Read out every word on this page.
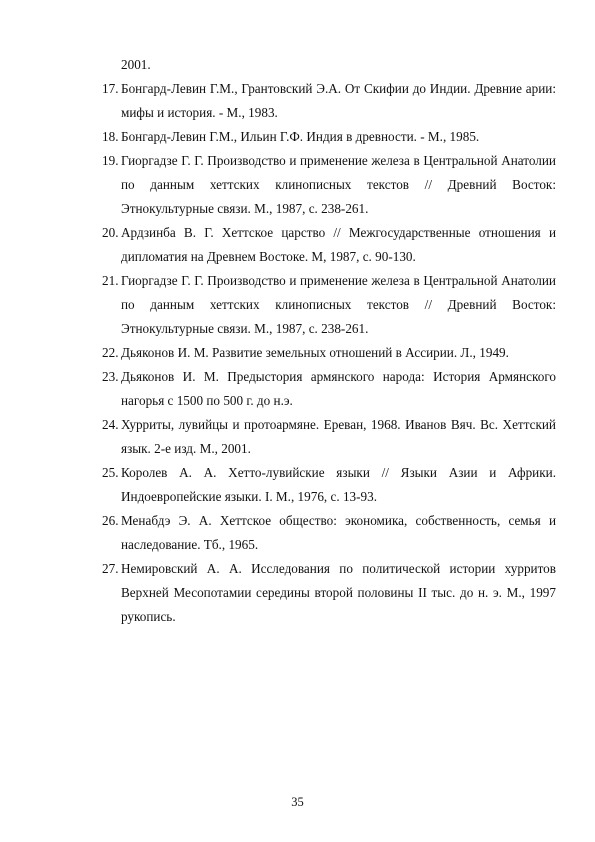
2001.
17. Бонгард-Левин Г.М., Грантовский Э.А. От Скифии до Индии. Древние арии: мифы и история. - М., 1983.
18. Бонгард-Левин Г.М., Ильин Г.Ф. Индия в древности. - М., 1985.
19. Гиоргадзе Г. Г. Производство и применение железа в Центральной Анатолии по данным хеттских клинописных текстов // Древний Восток: Этнокультурные связи. М., 1987, с. 238-261.
20. Ардзинба В. Г. Хеттское царство // Межгосударственные отношения и дипломатия на Древнем Востоке. М, 1987, с. 90-130.
21. Гиоргадзе Г. Г. Производство и применение железа в Центральной Анатолии по данным хеттских клинописных текстов // Древний Восток: Этнокультурные связи. М., 1987, с. 238-261.
22. Дьяконов И. М. Развитие земельных отношений в Ассирии. Л., 1949.
23. Дьяконов И. М. Предыстория армянского народа: История Армянского нагорья с 1500 по 500 г. до н.э.
24. Хурриты, лувийцы и протоармяне. Ереван, 1968. Иванов Вяч. Вс. Хеттский язык. 2-е изд. М., 2001.
25. Королев А. А. Хетто-лувийские языки // Языки Азии и Африки. Индоевропейские языки. I. М., 1976, с. 13-93.
26. Менабдэ Э. А. Хеттское общество: экономика, собственность, семья и наследование. Тб., 1965.
27. Немировский А. А. Исследования по политической истории хурритов Верхней Месопотамии середины второй половины II тыс. до н. э. М., 1997 рукопись.
35
